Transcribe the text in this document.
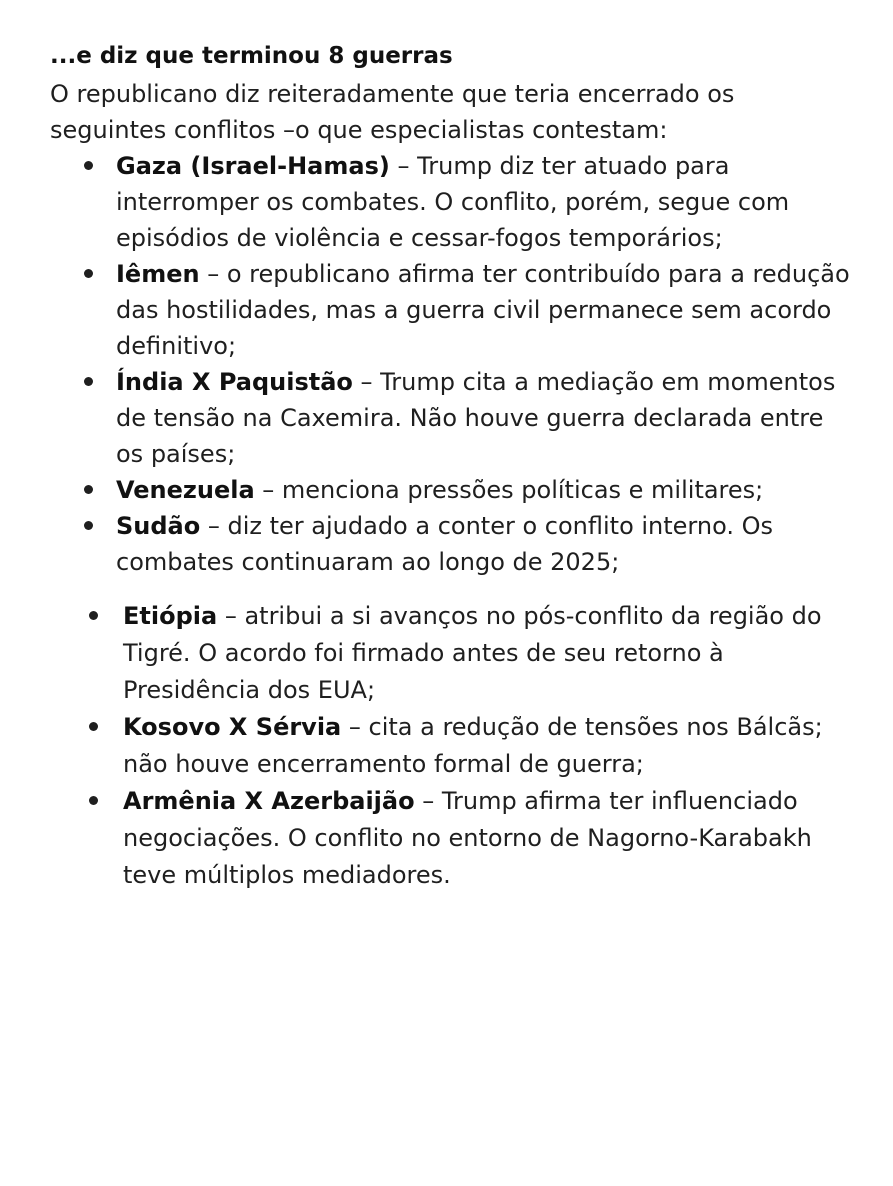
...e diz que terminou 8 guerras

O republicano diz reiteradamente que teria encerrado os seguintes conflitos –o que especialistas contestam:

Gaza (Israel-Hamas) – Trump diz ter atuado para interromper os combates. O conflito, porém, segue com episódios de violência e cessar-fogos temporários;
Iêmen – o republicano afirma ter contribuído para a redução das hostilidades, mas a guerra civil permanece sem acordo definitivo;
Índia X Paquistão – Trump cita a mediação em momentos de tensão na Caxemira. Não houve guerra declarada entre os países;
Venezuela – menciona pressões políticas e militares;
Sudão – diz ter ajudado a conter o conflito interno. Os combates continuaram ao longo de 2025;
Etiópia – atribui a si avanços no pós-conflito da região do Tigré. O acordo foi firmado antes de seu retorno à Presidência dos EUA;
Kosovo X Sérvia – cita a redução de tensões nos Bálcãs; não houve encerramento formal de guerra;
Armênia X Azerbaijão – Trump afirma ter influenciado negociações. O conflito no entorno de Nagorno-Karabakh teve múltiplos mediadores.
